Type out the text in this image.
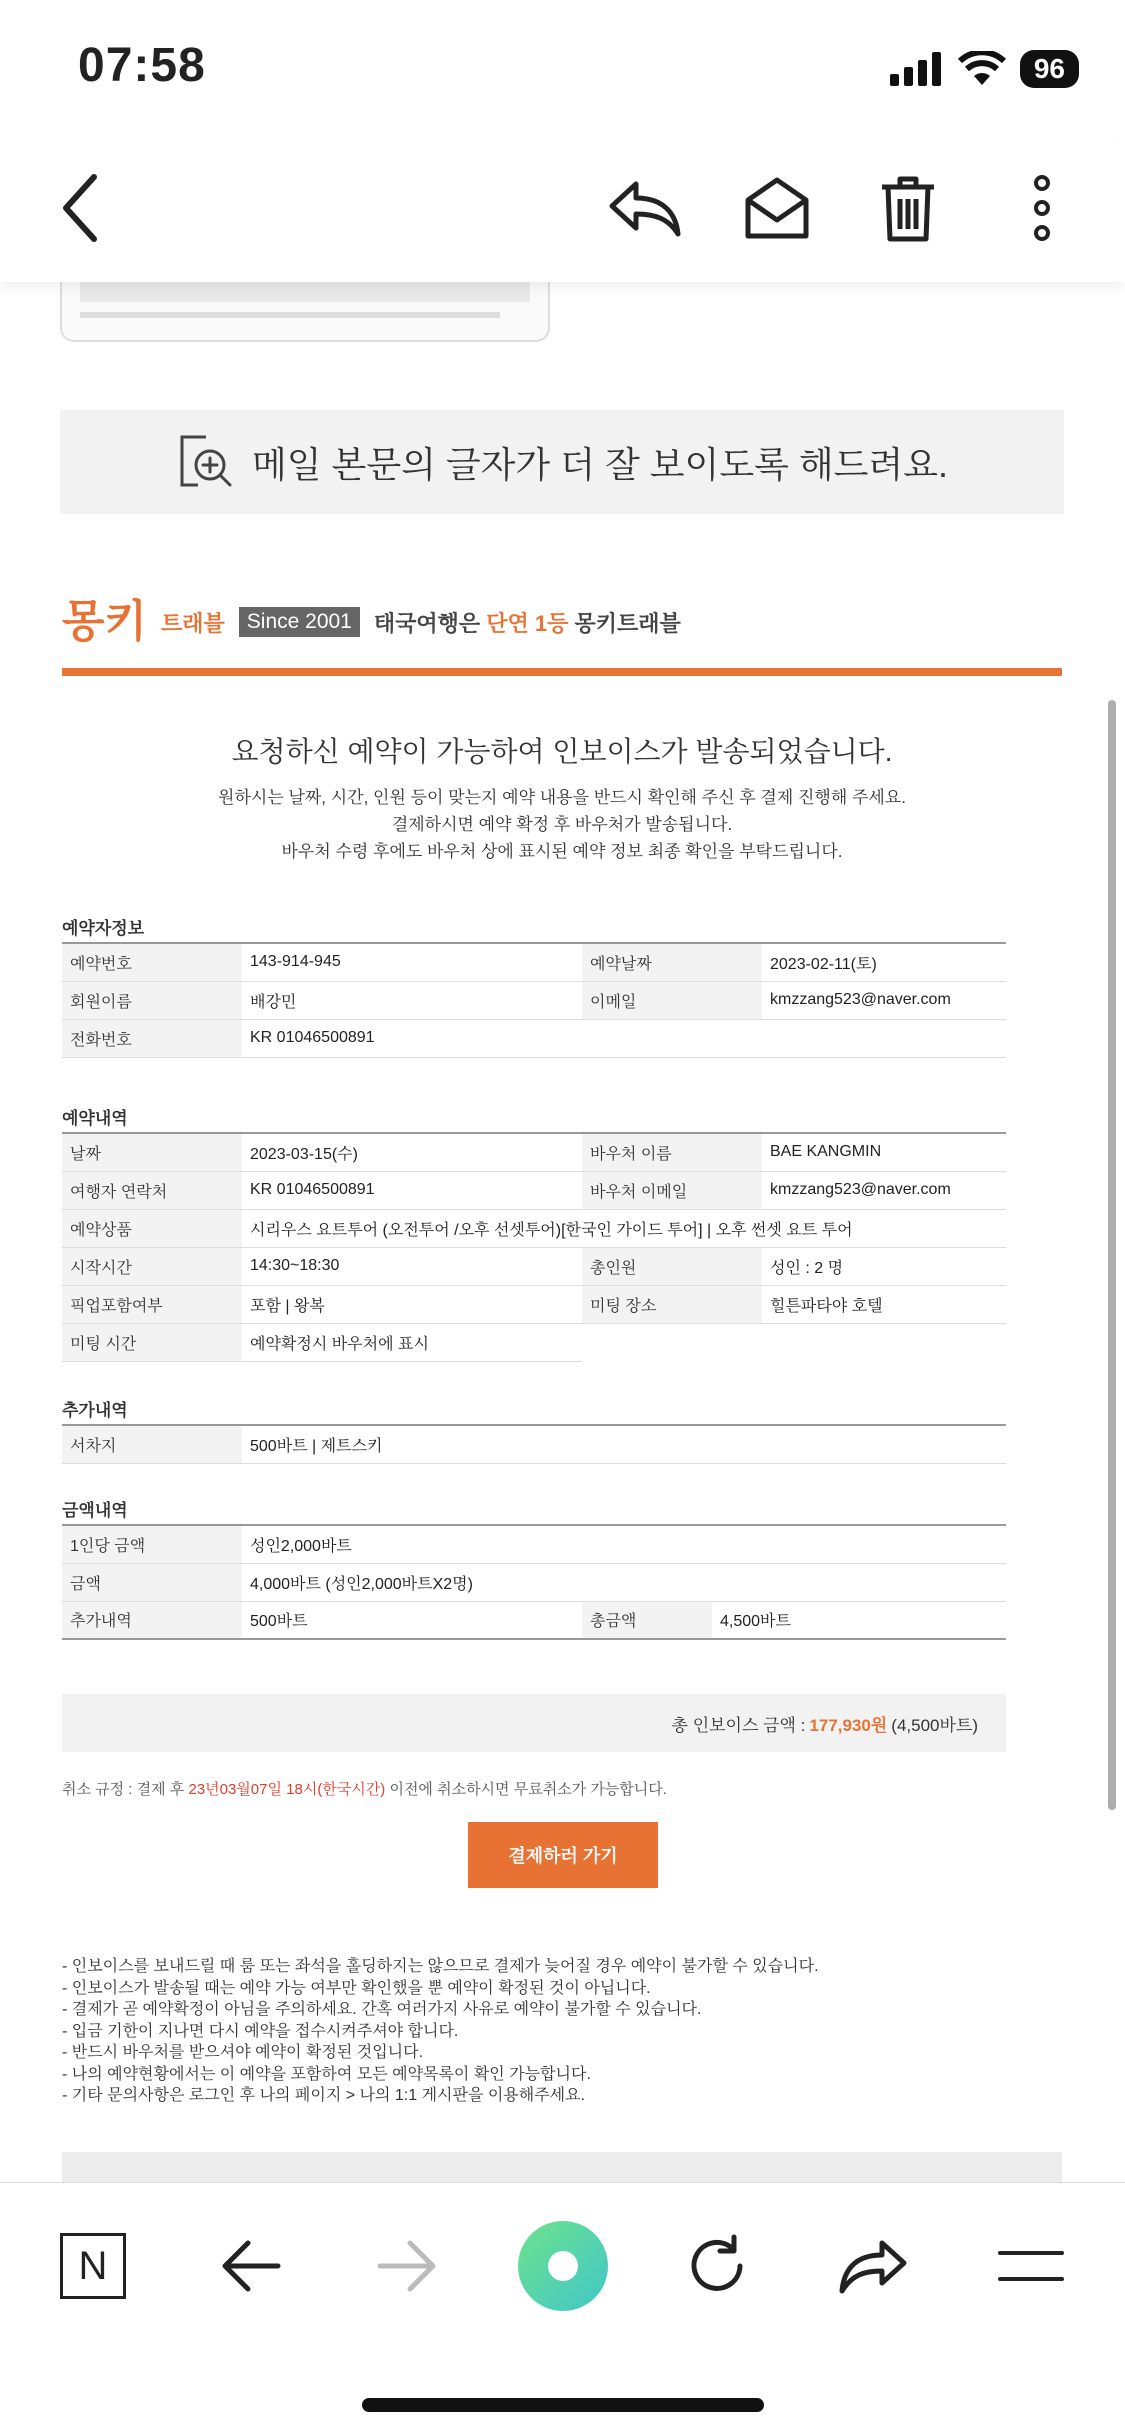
07:58	96
메일 본문의 글자가 더 잘 보이도록 해드려요.
몽키 트래블	Since 2001	태국여행은 단연 1등 몽키트래블
요청하신 예약이 가능하여 인보이스가 발송되었습니다.
원하시는 날짜, 시간, 인원 등이 맞는지 예약 내용을 반드시 확인해 주신 후 결제 진행해 주세요.
결제하시면 예약 확정 후 바우처가 발송됩니다.
바우처 수령 후에도 바우처 상에 표시된 예약 정보 최종 확인을 부탁드립니다.
예약자정보
예약번호	143-914-945	예약날짜	2023-02-11(토)
회원이름	배강민	이메일	kmzzang523@naver.com
전화번호	KR 01046500891		
예약내역
날짜	2023-03-15(수)	바우처 이름	BAE KANGMIN
여행자 연락처	KR 01046500891	바우처 이메일	kmzzang523@naver.com
예약상품	시리우스 요트투어 (오전투어 /오후 선셋투어)[한국인 가이드 투어] | 오후 썬셋 요트 투어		
시작시간	14:30~18:30	총인원	성인 : 2 명
픽업포함여부	포함 | 왕복	미팅 장소	힐튼파타야 호텔
미팅 시간	예약확정시 바우처에 표시		
추가내역
서차지	500바트 | 제트스키
금액내역
1인당 금액	성인2,000바트		
금액	4,000바트 (성인2,000바트X2명)		
추가내역	500바트	총금액	4,500바트
총 인보이스 금액 : 177,930원 (4,500바트)
취소 규정 : 결제 후 23년03월07일 18시(한국시간) 이전에 취소하시면 무료취소가 가능합니다.
결제하러 가기
- 인보이스를 보내드릴 때 룸 또는 좌석을 홀딩하지는 않으므로 결제가 늦어질 경우 예약이 불가할 수 있습니다.
- 인보이스가 발송될 때는 예약 가능 여부만 확인했을 뿐 예약이 확정된 것이 아닙니다.
- 결제가 곧 예약확정이 아님을 주의하세요. 간혹 여러가지 사유로 예약이 불가할 수 있습니다.
- 입금 기한이 지나면 다시 예약을 접수시켜주셔야 합니다.
- 반드시 바우처를 받으셔야 예약이 확정된 것입니다.
- 나의 예약현황에서는 이 예약을 포함하여 모든 예약목록이 확인 가능합니다.
- 기타 문의사항은 로그인 후 나의 페이지 > 나의 1:1 게시판을 이용해주세요.
N
